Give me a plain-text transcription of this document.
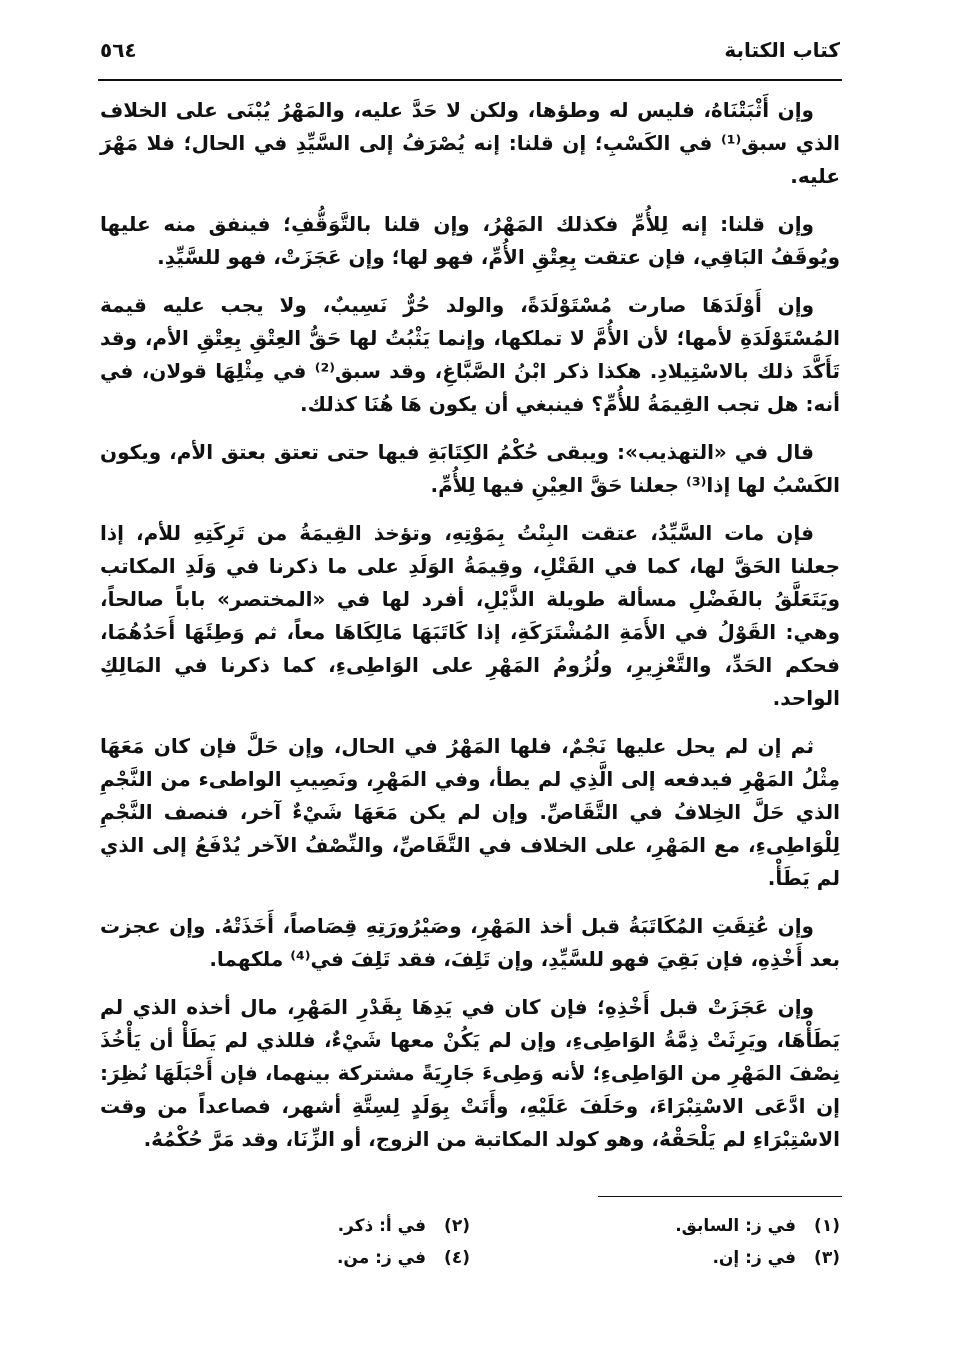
كتاب الكتابة
٥٦٤

وإن أَثْبَتْنَاهُ، فليس له وطؤها، ولكن لا حَدَّ عليه، والمَهْرُ يُبْنَى على الخلاف الذي سبق⁽¹⁾ في الكَسْبِ؛ إن قلنا: إنه يُصْرَفُ إلى السَّيِّدِ في الحال؛ فلا مَهْرَ عليه.

وإن قلنا: إنه لِلأُمِّ فكذلك المَهْرُ، وإن قلنا بالتَّوَقُّفِ؛ فينفق منه عليها ويُوقَفُ البَاقِي، فإن عتقت بِعِتْقِ الأُمِّ، فهو لها؛ وإن عَجَزَتْ، فهو للسَّيِّدِ.

وإن أَوْلَدَهَا صارت مُسْتَوْلَدَةً، والولد حُرٌّ نَسِيبٌ، ولا يجب عليه قيمة المُسْتَوْلَدَةِ لأمها؛ لأن الأُمَّ لا تملكها، وإنما يَثْبُتُ لها حَقُّ العِتْقِ بِعِتْقِ الأم، وقد تَأَكَّدَ ذلك بالاسْتِيلادِ. هكذا ذكر ابْنُ الصَّبَّاغِ، وقد سبق⁽²⁾ في مِثْلِهَا قولان، في أنه: هل تجب القِيمَةُ للأُمِّ؟ فينبغي أن يكون هَا هُنَا كذلك.

قال في «التهذيب»: ويبقى حُكْمُ الكِتَابَةِ فيها حتى تعتق بعتق الأم، ويكون الكَسْبُ لها إذا⁽³⁾ جعلنا حَقَّ العِيْنِ فيها لِلأُمِّ.

فإن مات السَّيِّدُ، عتقت البِنْتُ بِمَوْتِهِ، وتؤخذ القِيمَةُ من تَرِكَتِهِ للأم، إذا جعلنا الحَقَّ لها، كما في القَتْلِ، وقِيمَةُ الوَلَدِ على ما ذكرنا في وَلَدِ المكاتب ويَتَعَلَّقُ بالفَضْلِ مسألة طويلة الذَّيْلِ، أفرد لها في «المختصر» باباً صالحاً، وهي: القَوْلُ في الأَمَةِ المُشْتَرَكَةِ، إذا كَاتَبَهَا مَالِكَاهَا معاً، ثم وَطِئَهَا أَحَدُهُمَا، فحكم الحَدِّ، والتَّعْزِيرِ، ولُزُومُ المَهْرِ على الوَاطِىءِ، كما ذكرنا في المَالِكِ الواحد.

ثم إن لم يحل عليها نَجْمٌ، فلها المَهْرُ في الحال، وإن حَلَّ فإن كان مَعَهَا مِثْلُ المَهْرِ فيدفعه إلى الَّذِي لم يطأ، وفي المَهْرِ، ونَصِيبِ الواطىء من النَّجْمِ الذي حَلَّ الخِلافُ في التَّقَاصِّ. وإن لم يكن مَعَهَا شَيْءٌ آخر، فنصف النَّجْمِ لِلْوَاطِىءِ، مع المَهْرِ، على الخلاف في التَّقَاصِّ، والنِّصْفُ الآخر يُدْفَعُ إلى الذي لم يَطَأْ.

وإن عُتِقَتِ المُكَاتَبَةُ قبل أخذ المَهْرِ، وصَيْرُورَتِهِ قِصَاصاً، أَخَذَتْهُ. وإن عجزت بعد أَخْذِهِ، فإن بَقِيَ فهو للسَّيِّدِ، وإن تَلِفَ، فقد تَلِفَ في⁽⁴⁾ ملكهما.

وإن عَجَزَتْ قبل أَخْذِهِ؛ فإن كان في يَدِهَا بِقَدْرِ المَهْرِ، مال أخذه الذي لم يَطَأْهَا، ويَرِثَتْ ذِمَّةُ الوَاطِىءِ، وإن لم يَكُنْ معها شَيْءٌ، فللذي لم يَطَأْ أن يَأْخُذَ نِصْفَ المَهْرِ من الوَاطِىءِ؛ لأنه وَطِىءَ جَارِيَةً مشتركة بينهما، فإن أَحْبَلَهَا نُظِرَ: إن ادَّعَى الاسْتِبْرَاءَ، وحَلَفَ عَلَيْهِ، وأَتَتْ بِوَلَدٍ لِسِتَّةِ أشهر، فصاعداً من وقت الاسْتِبْرَاءِ لم يَلْحَقْهُ، وهو كولد المكاتبة من الزوج، أو الزِّنَا، وقد مَرَّ حُكْمُهُ.

(١)في ز: السابق.
(٢)في أ: ذكر.
(٣)في ز: إن.
(٤)في ز: من.
